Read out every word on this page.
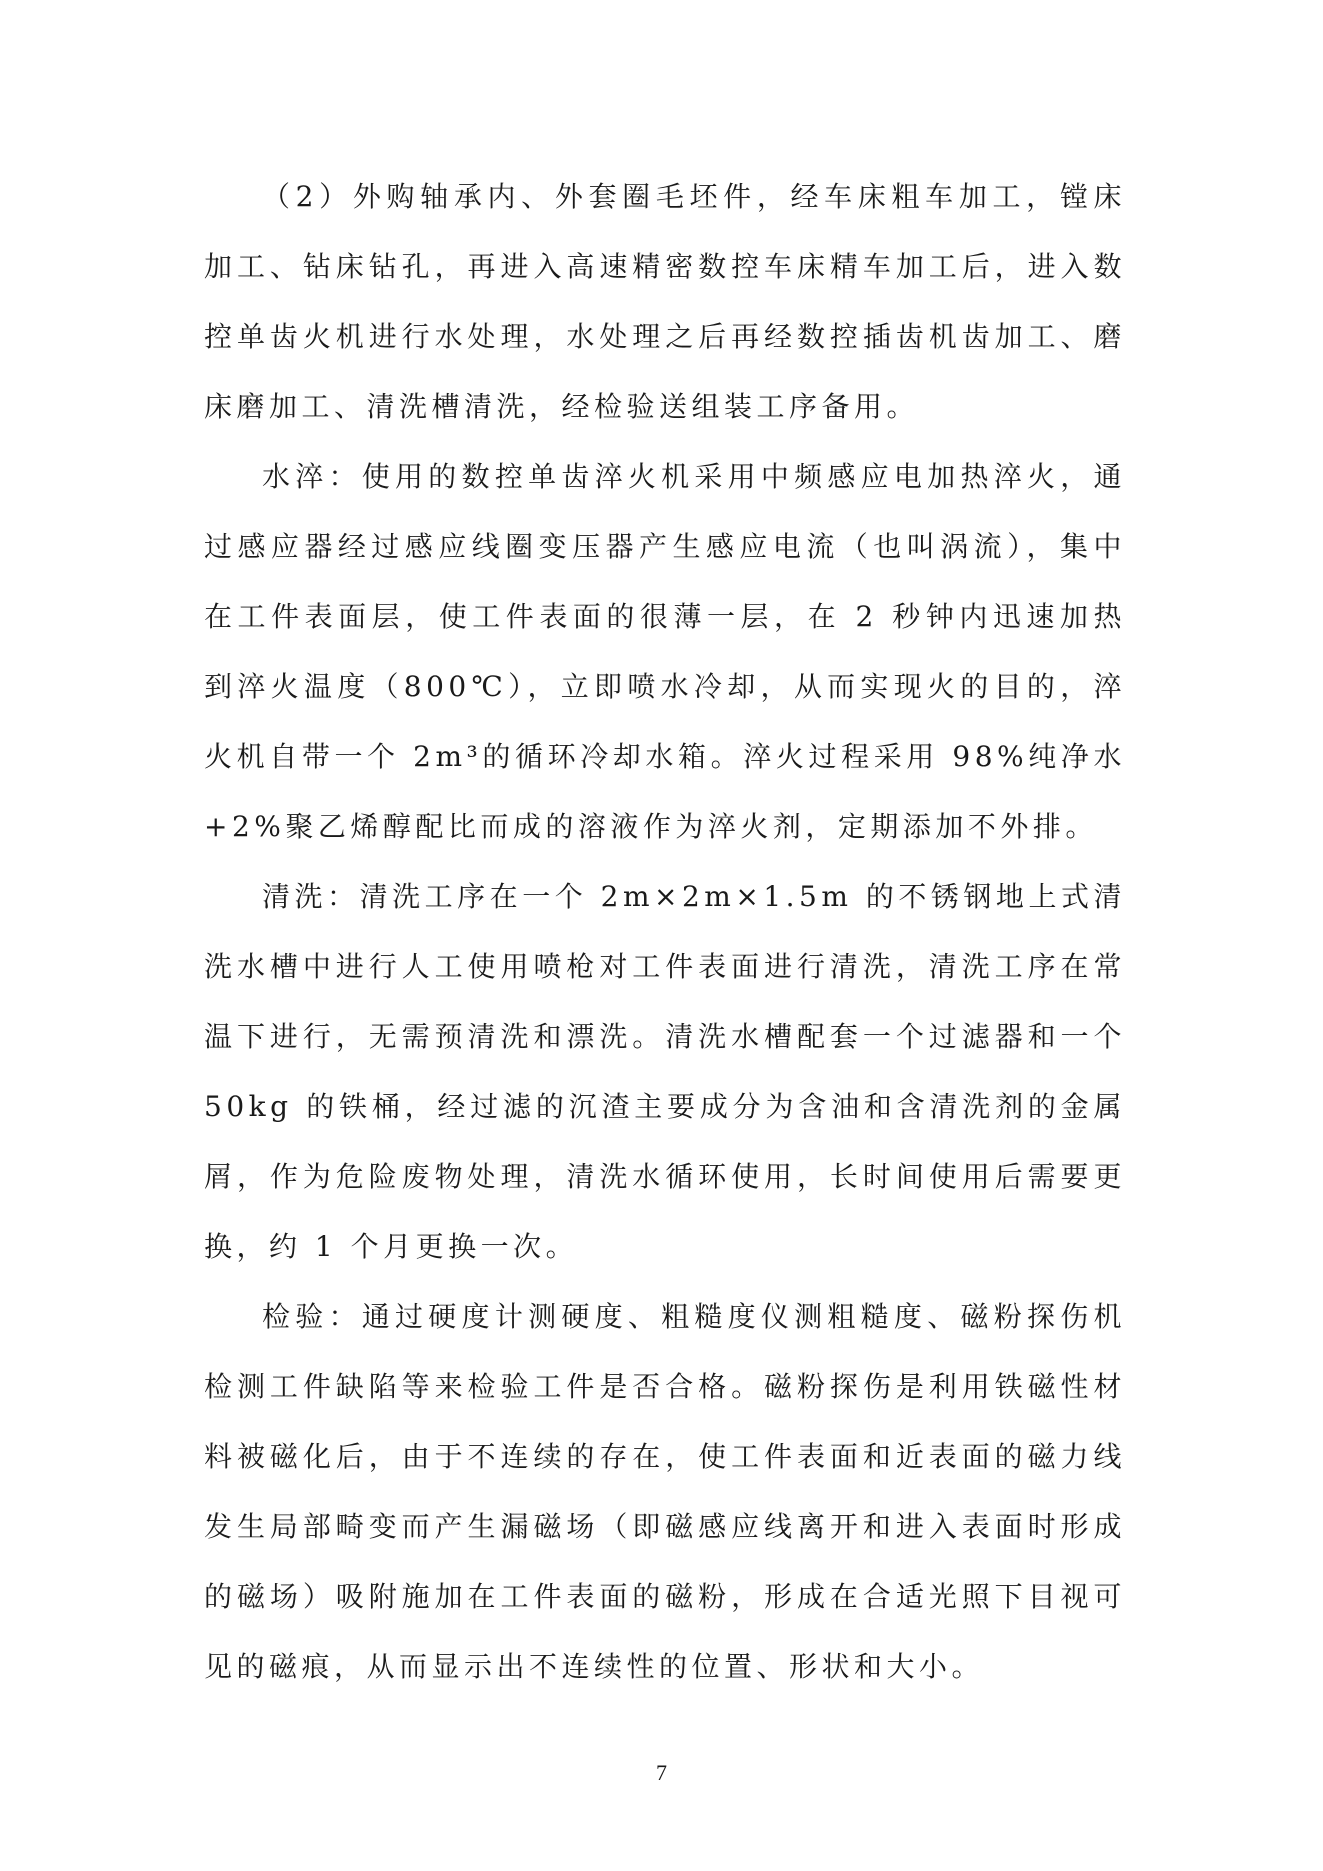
（2）外购轴承内、外套圈毛坯件，经车床粗车加工，镗床加工、钻床钻孔，再进入高速精密数控车床精车加工后，进入数控单齿火机进行水处理，水处理之后再经数控插齿机齿加工、磨床磨加工、清洗槽清洗，经检验送组装工序备用。

水淬：使用的数控单齿淬火机采用中频感应电加热淬火，通过感应器经过感应线圈变压器产生感应电流（也叫涡流），集中在工件表面层，使工件表面的很薄一层，在 2 秒钟内迅速加热到淬火温度（800℃），立即喷水冷却，从而实现火的目的，淬火机自带一个 2m³的循环冷却水箱。淬火过程采用 98%纯净水+2%聚乙烯醇配比而成的溶液作为淬火剂，定期添加不外排。

清洗：清洗工序在一个 2m×2m×1.5m 的不锈钢地上式清洗水槽中进行人工使用喷枪对工件表面进行清洗，清洗工序在常温下进行，无需预清洗和漂洗。清洗水槽配套一个过滤器和一个 50kg 的铁桶，经过滤的沉渣主要成分为含油和含清洗剂的金属屑，作为危险废物处理，清洗水循环使用，长时间使用后需要更换，约 1 个月更换一次。

检验：通过硬度计测硬度、粗糙度仪测粗糙度、磁粉探伤机检测工件缺陷等来检验工件是否合格。磁粉探伤是利用铁磁性材料被磁化后，由于不连续的存在，使工件表面和近表面的磁力线发生局部畸变而产生漏磁场（即磁感应线离开和进入表面时形成的磁场）吸附施加在工件表面的磁粉，形成在合适光照下目视可见的磁痕，从而显示出不连续性的位置、形状和大小。

7
